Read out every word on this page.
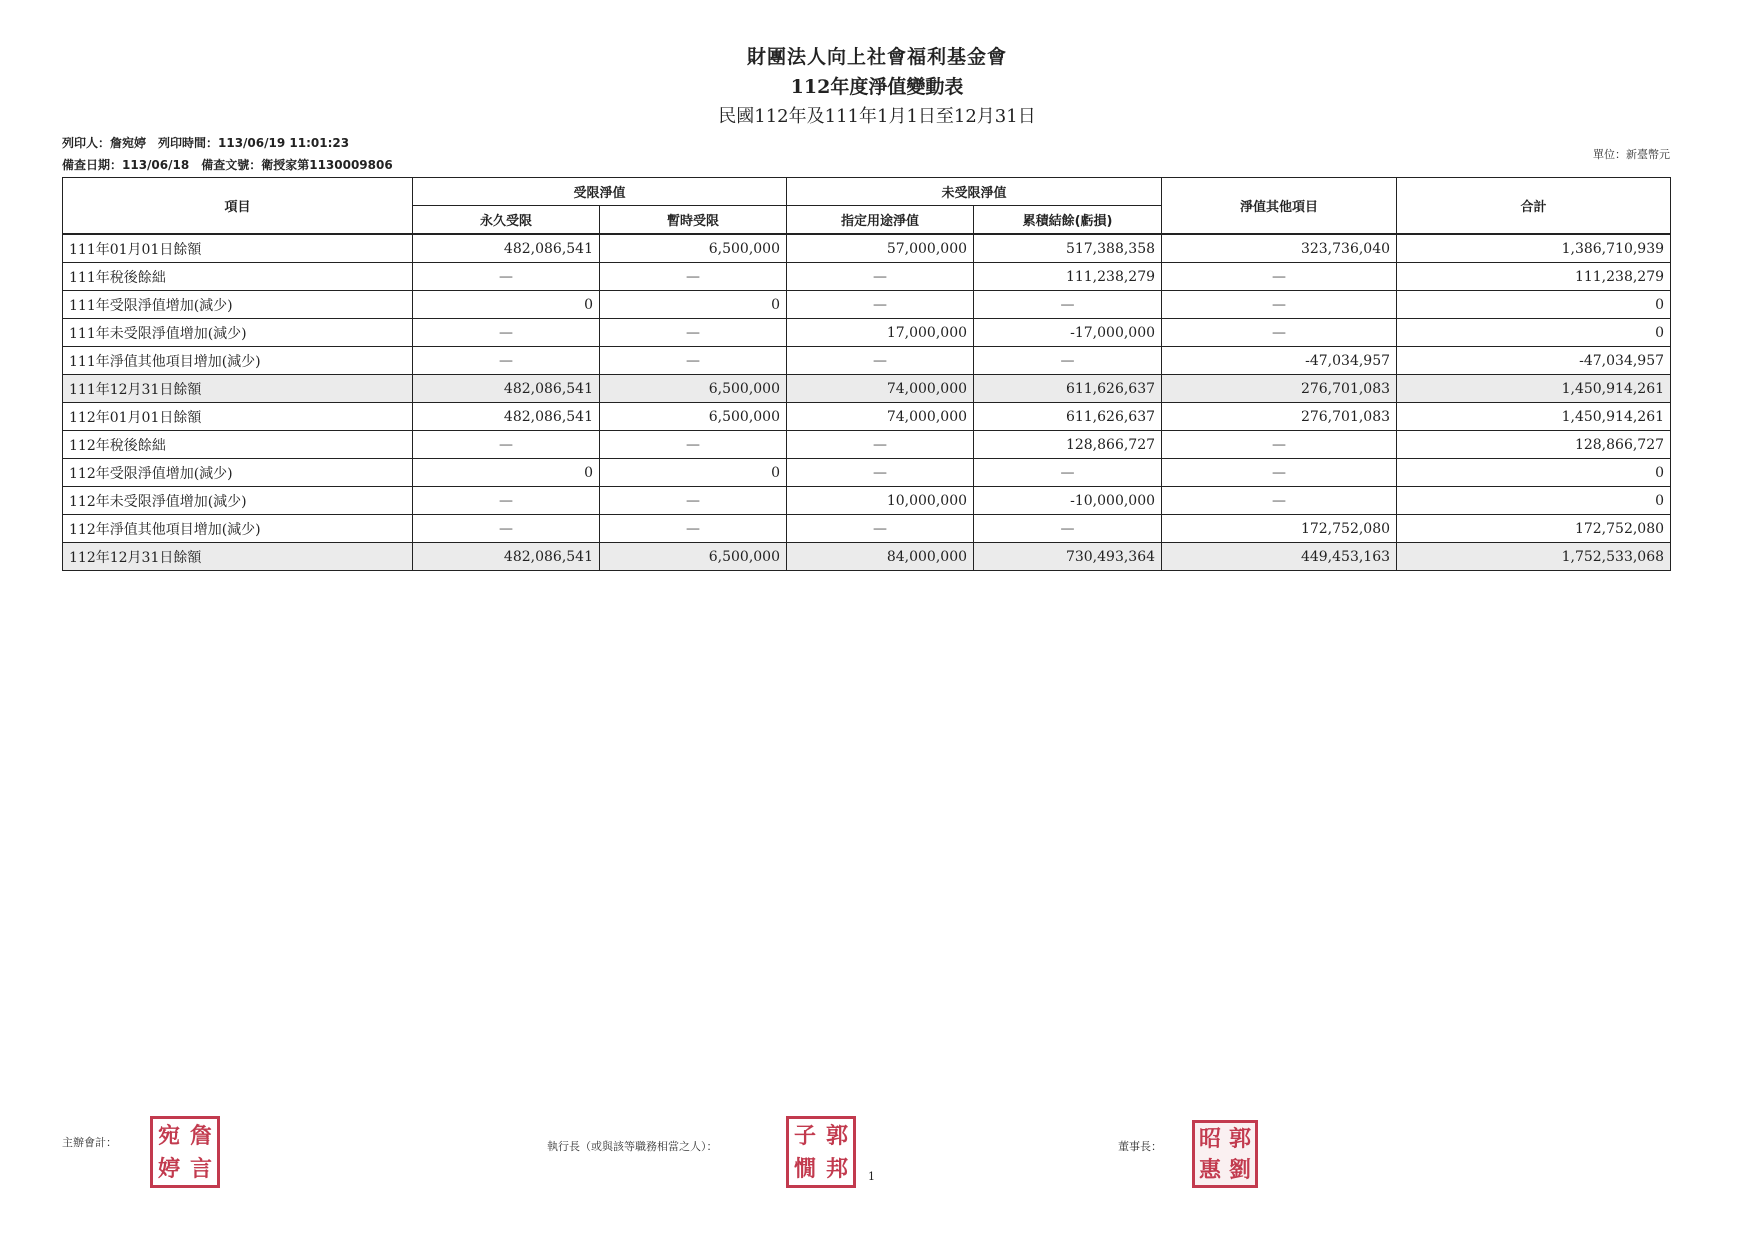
財團法人向上社會福利基金會
112年度淨值變動表
民國112年及111年1月1日至12月31日
列印人：詹宛婷　列印時間：113/06/19 11:01:23
備查日期：113/06/18　備查文號：衛授家第1130009806
單位：新臺幣元
項目	受限淨值		未受限淨值		淨值其他項目	合計
	永久受限	暫時受限	指定用途淨值	累積結餘(虧損)		
111年01月01日餘額	482,086,541	6,500,000	57,000,000	517,388,358	323,736,040	1,386,710,939
111年稅後餘絀	—	—	—	111,238,279	—	111,238,279
111年受限淨值增加(減少)	0	0	—	—	—	0
111年未受限淨值增加(減少)	—	—	17,000,000	-17,000,000	—	0
111年淨值其他項目增加(減少)	—	—	—	—	-47,034,957	-47,034,957
111年12月31日餘額	482,086,541	6,500,000	74,000,000	611,626,637	276,701,083	1,450,914,261
112年01月01日餘額	482,086,541	6,500,000	74,000,000	611,626,637	276,701,083	1,450,914,261
112年稅後餘絀	—	—	—	128,866,727	—	128,866,727
112年受限淨值增加(減少)	0	0	—	—	—	0
112年未受限淨值增加(減少)	—	—	10,000,000	-10,000,000	—	0
112年淨值其他項目增加(減少)	—	—	—	—	172,752,080	172,752,080
112年12月31日餘額	482,086,541	6,500,000	84,000,000	730,493,364	449,453,163	1,752,533,068
主辦會計： 宛 詹
婷 言
執行長（或與該等職務相當之人）：	子 郭
憪 邦 1
董事長： 昭 郭
惠 劉
